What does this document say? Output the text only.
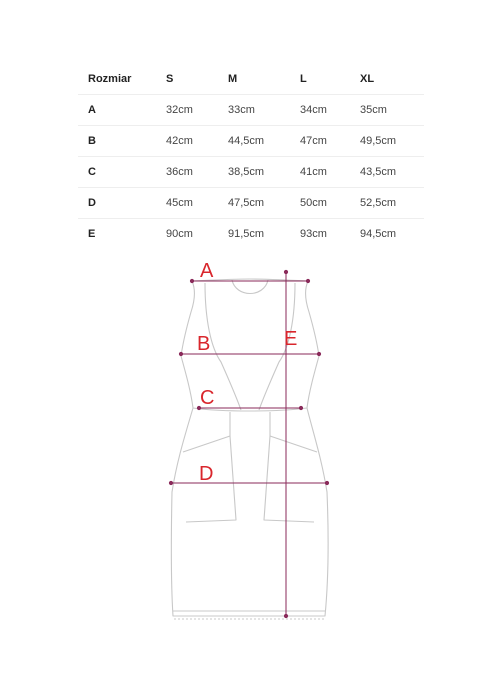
Rozmiar	S	M	L	XL
A	32cm	33cm	34cm	35cm
B	42cm	44,5cm	47cm	49,5cm
C	36cm	38,5cm	41cm	43,5cm
D	45cm	47,5cm	50cm	52,5cm
E	90cm	91,5cm	93cm	94,5cm
A
B
C
D
E
